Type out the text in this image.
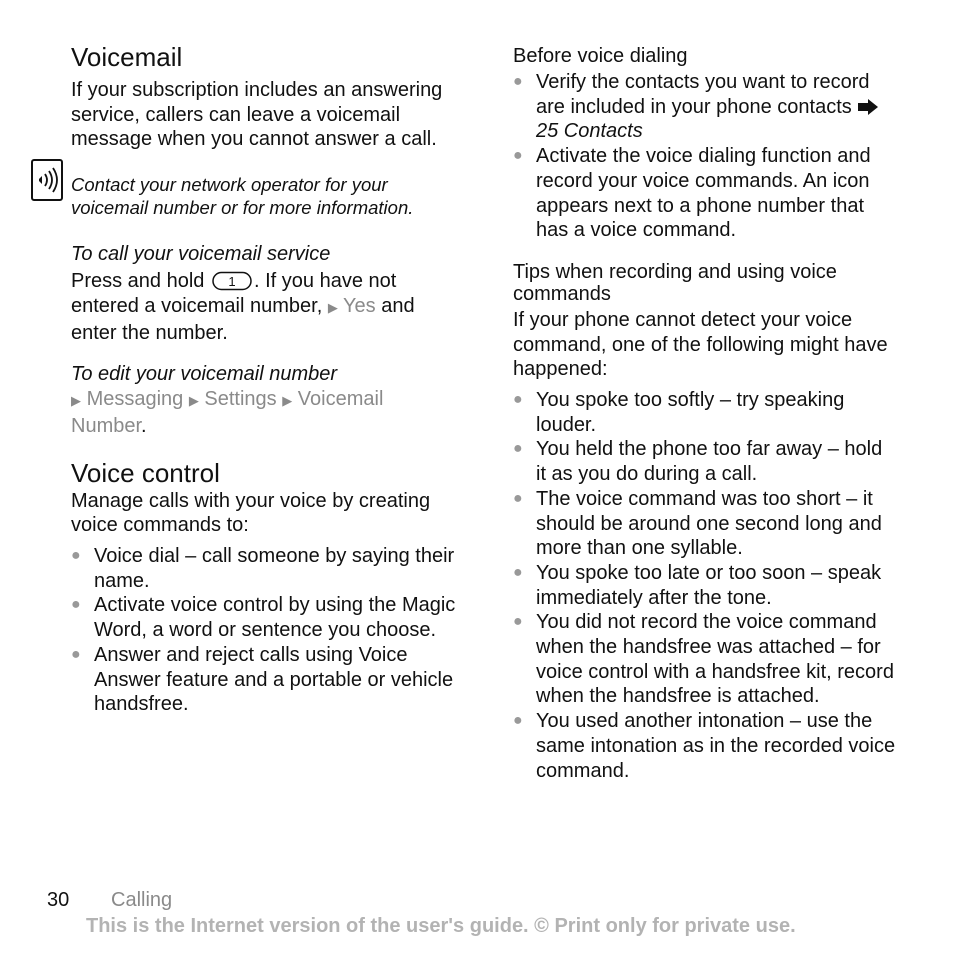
Voicemail

If your subscription includes an answering service, callers can leave a voicemail message when you cannot answer a call.

Contact your network operator for your voicemail number or for more information.
To call your voicemail service

Press and hold 1 . If you have not entered a voicemail number, ▶ Yes and enter the number.

To edit your voicemail number

▶ Messaging ▶ Settings ▶ Voicemail Number.

Voice control

Manage calls with your voice by creating voice commands to:

● Voice dial – call someone by saying their name.
● Activate voice control by using the Magic Word, a word or sentence you choose.
● Answer and reject calls using Voice Answer feature and a portable or vehicle handsfree.
Before voice dialing
● Verify the contacts you want to record are included in your phone contacts 25 Contacts
● Activate the voice dialing function and record your voice commands. An icon appears next to a phone number that has a voice command.
Tips when recording and using voice commands

If your phone cannot detect your voice command, one of the following might have happened:

● You spoke too softly – try speaking louder.
● You held the phone too far away – hold it as you do during a call.
● The voice command was too short – it should be around one second long and more than one syllable.
● You spoke too late or too soon – speak immediately after the tone.
● You did not record the voice command when the handsfree was attached – for voice control with a handsfree kit, record when the handsfree is attached.
● You used another intonation – use the same intonation as in the recorded voice command.
30 Calling
This is the Internet version of the user's guide. © Print only for private use.
